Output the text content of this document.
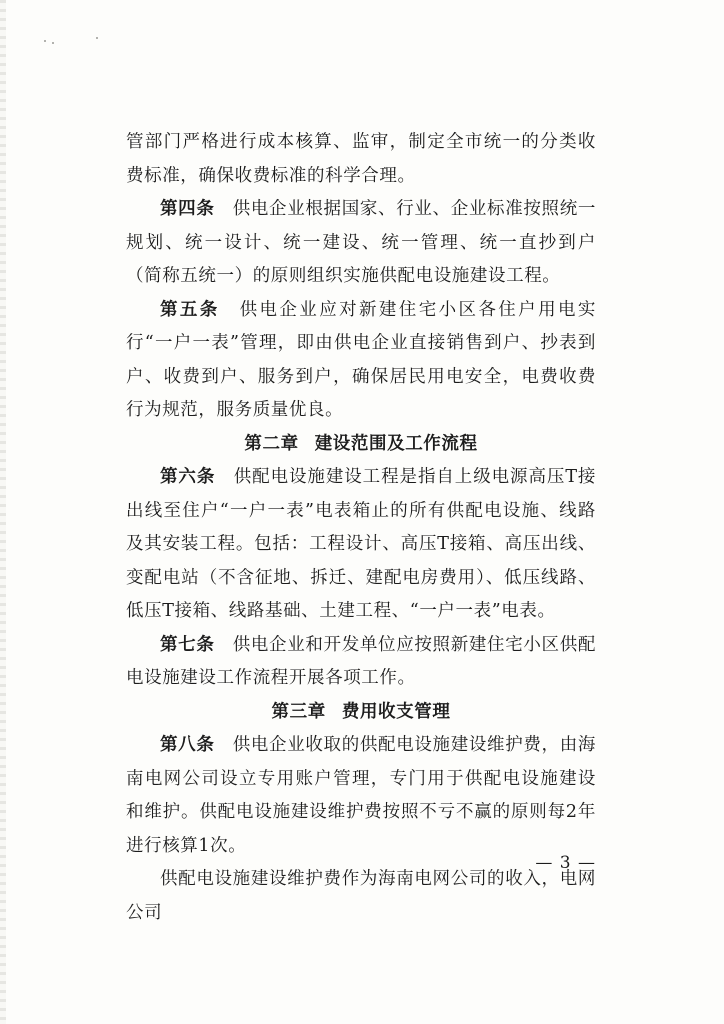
管部门严格进行成本核算、监审，制定全市统一的分类收费标准，确保收费标准的科学合理。

第四条　 供电企业根据国家、行业、企业标准按照统一规划、统一设计、统一建设、统一管理、统一直抄到户（简称五统一）的原则组织实施供配电设施建设工程。

第五条　 供电企业应对新建住宅小区各住户用电实行“一户一表”管理，即由供电企业直接销售到户、抄表到户、收费到户、服务到户，确保居民用电安全，电费收费行为规范，服务质量优良。

第二章 建设范围及工作流程

第六条　 供配电设施建设工程是指自上级电源高压T接出线至住户“一户一表”电表箱止的所有供配电设施、线路及其安装工程。包括：工程设计、高压T接箱、高压出线、变配电站（不含征地、拆迁、建配电房费用）、低压线路、低压T接箱、线路基础、土建工程、“一户一表”电表。

第七条　 供电企业和开发单位应按照新建住宅小区供配电设施建设工作流程开展各项工作。

第三章 费用收支管理

第八条　 供电企业收取的供配电设施建设维护费，由海南电网公司设立专用账户管理，专门用于供配电设施建设和维护。供配电设施建设维护费按照不亏不赢的原则每2年进行核算1次。

供配电设施建设维护费作为海南电网公司的收入，电网公司

— 3 —
